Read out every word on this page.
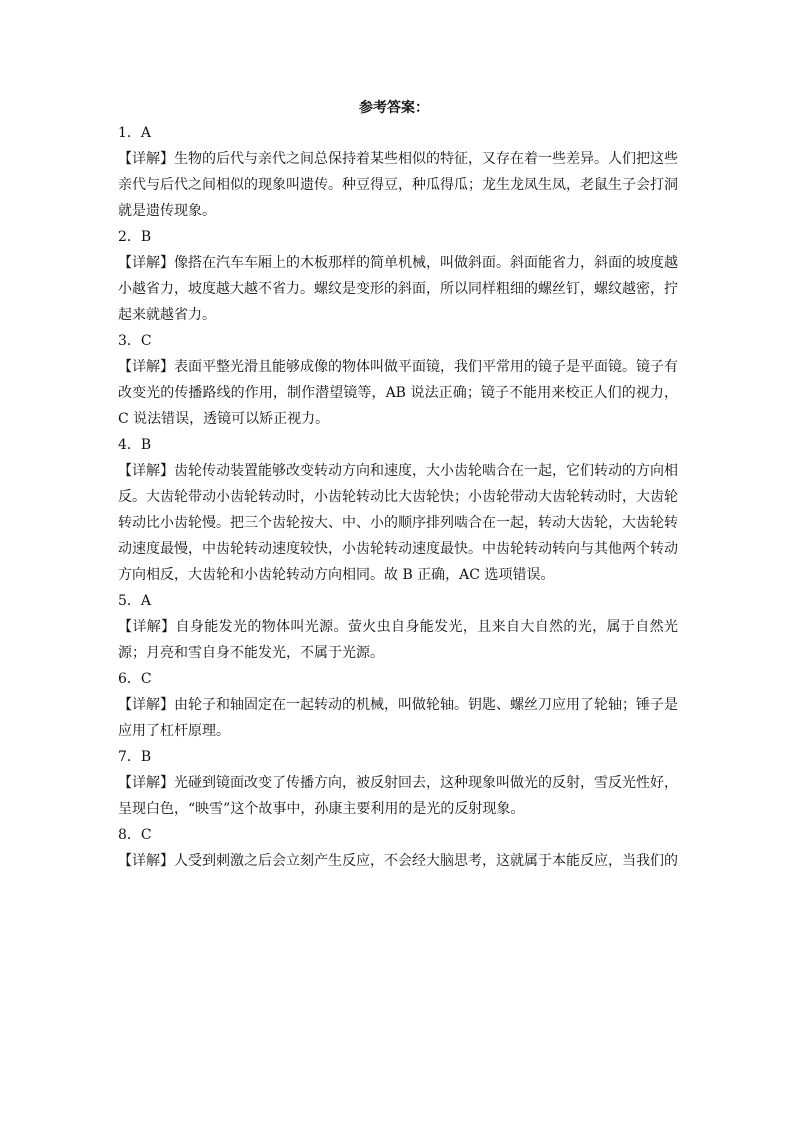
参考答案：

1．A

【详解】生物的后代与亲代之间总保持着某些相似的特征，又存在着一些差异。人们把这些亲代与后代之间相似的现象叫遗传。种豆得豆，种瓜得瓜；龙生龙凤生凤，老鼠生子会打洞就是遗传现象。

2．B

【详解】像搭在汽车车厢上的木板那样的简单机械，叫做斜面。斜面能省力，斜面的坡度越小越省力，坡度越大越不省力。螺纹是变形的斜面，所以同样粗细的螺丝钉，螺纹越密，拧起来就越省力。

3．C

【详解】表面平整光滑且能够成像的物体叫做平面镜，我们平常用的镜子是平面镜。镜子有改变光的传播路线的作用，制作潜望镜等，AB 说法正确；镜子不能用来校正人们的视力，C 说法错误，透镜可以矫正视力。

4．B

【详解】齿轮传动装置能够改变转动方向和速度，大小齿轮啮合在一起，它们转动的方向相反。大齿轮带动小齿轮转动时，小齿轮转动比大齿轮快；小齿轮带动大齿轮转动时，大齿轮转动比小齿轮慢。把三个齿轮按大、中、小的顺序排列啮合在一起，转动大齿轮，大齿轮转动速度最慢，中齿轮转动速度较快，小齿轮转动速度最快。中齿轮转动转向与其他两个转动方向相反，大齿轮和小齿轮转动方向相同。故 B 正确，AC 选项错误。

5．A

【详解】自身能发光的物体叫光源。萤火虫自身能发光，且来自大自然的光，属于自然光源；月亮和雪自身不能发光，不属于光源。

6．C

【详解】由轮子和轴固定在一起转动的机械，叫做轮轴。钥匙、螺丝刀应用了轮轴；锤子是应用了杠杆原理。

7．B

【详解】光碰到镜面改变了传播方向，被反射回去，这种现象叫做光的反射，雪反光性好，呈现白色，“映雪”这个故事中，孙康主要利用的是光的反射现象。

8．C

【详解】人受到刺激之后会立刻产生反应，不会经大脑思考，这就属于本能反应，当我们的
